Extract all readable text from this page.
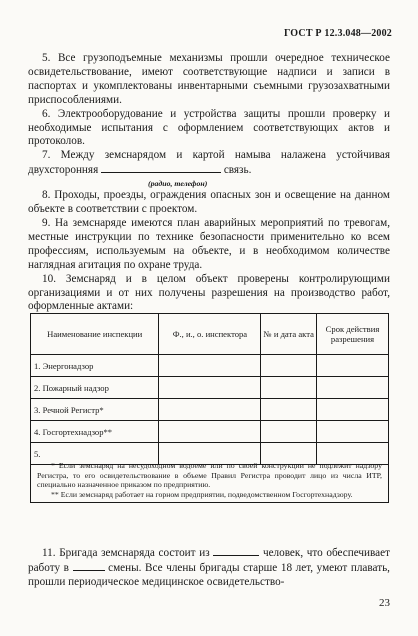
ГОСТ Р 12.3.048—2002

5. Все грузоподъемные механизмы прошли очередное техническое освидетельствование, имеют соответствующие надписи и записи в паспортах и укомплектованы инвентарными съемными грузозахватными приспособлениями.

6. Электрооборудование и устройства защиты прошли проверку и необходимые испытания с оформлением соответствующих актов и протоколов.

7. Между земснарядом и картой намыва налажена устойчивая двухсторонняя	связь.

(радио, телефон)

8. Проходы, проезды, ограждения опасных зон и освещение на данном объекте в соответствии с проектом.

9. На земснаряде имеются план аварийных мероприятий по тревогам, местные инструкции по технике безопасности применительно ко всем профессиям, используемым на объекте, и в необходимом количестве наглядная агитация по охране труда.

10. Земснаряд и в целом объект проверены контролирующими организациями и от них получены разрешения на производство работ, оформленные актами:

Наименование инспекции	Ф., и., о. инспектора	№ и дата акта	Срок действия разрешения
1. Энергонадзор			
2. Пожарный надзор			
3. Речной Регистр*			
4. Госгортехнадзор**			
5.			

* Если земснаряд на несудоходном водоеме или по своей конструкции не подлежит надзору Регистра, то его освидетельствование в объеме Правил Регистра проводит лицо из числа ИТР, специально назначенное приказом по предприятию.

** Если земснаряд работает на горном предприятии, подведомственном Госгортехнадзору.

11. Бригада земснаряда состоит из	человек, что обеспечивает работу в	смены. Все члены бригады старше 18 лет, умеют плавать, прошли периодическое медицинское освидетельство-

23
